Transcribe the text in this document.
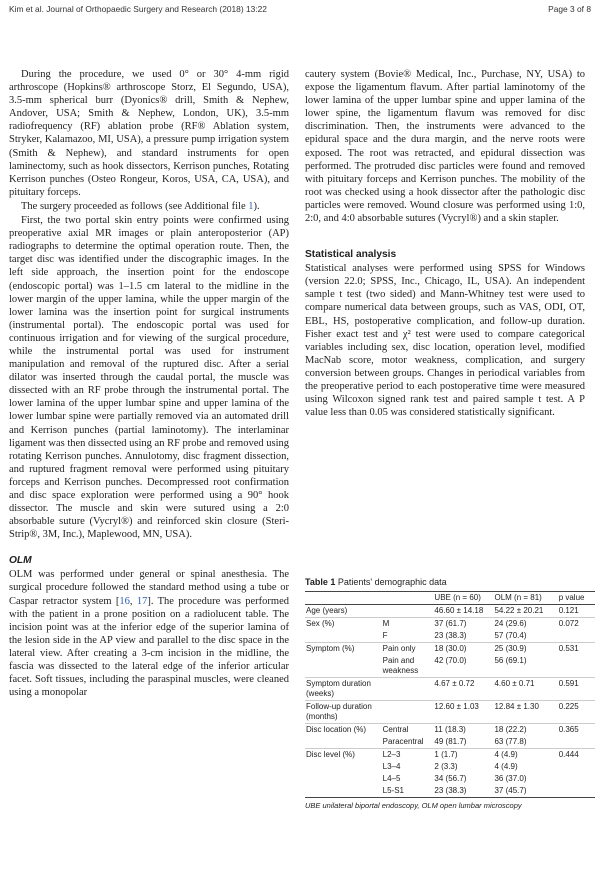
Kim et al. Journal of Orthopaedic Surgery and Research (2018) 13:22	Page 3 of 8

During the procedure, we used 0° or 30° 4-mm rigid arthroscope (Hopkins® arthroscope Storz, El Segundo, USA), 3.5-mm spherical burr (Dyonics® drill, Smith & Nephew, Andover, USA; Smith & Nephew, London, UK), 3.5-mm radiofrequency (RF) ablation probe (RF® Ablation system, Stryker, Kalamazoo, MI, USA), a pressure pump irrigation system (Smith & Nephew), and standard instruments for open laminectomy, such as hook dissectors, Kerrison punches, Rotating Kerrison punches (Osteo Rongeur, Koros, USA, CA, USA), and pituitary forceps.

The surgery proceeded as follows (see Additional file 1).

First, the two portal skin entry points were confirmed using preoperative axial MR images or plain anteroposterior (AP) radiographs to determine the optimal operation route. Then, the target disc was identified under the discographic images. In the left side approach, the insertion point for the endoscope (endoscopic portal) was 1–1.5 cm lateral to the midline in the lower margin of the upper lamina, while the upper margin of the lower lamina was the insertion point for surgical instruments (instrumental portal). The endoscopic portal was used for continuous irrigation and for viewing of the surgical procedure, while the instrumental portal was used for instrument manipulation and removal of the ruptured disc. After a serial dilator was inserted through the caudal portal, the muscle was dissected with an RF probe through the instrumental portal. The lower lamina of the upper lumbar spine and upper lamina of the lower lumbar spine were partially removed via an automated drill and Kerrison punches (partial laminotomy). The interlaminar ligament was then dissected using an RF probe and removed using rotating Kerrison punches. Annulotomy, disc fragment dissection, and ruptured fragment removal were performed using pituitary forceps and Kerrison punches. Decompressed root confirmation and disc space exploration were performed using a 90° hook dissector. The muscle and skin were sutured using a 2:0 absorbable suture (Vycryl®) and reinforced skin closure (Steri-Strip®, 3M, Inc.), Maplewood, MN, USA).

OLM

OLM was performed under general or spinal anesthesia. The surgical procedure followed the standard method using a tube or Caspar retractor system [16, 17]. The procedure was performed with the patient in a prone position on a radiolucent table. The incision point was at the inferior edge of the superior lamina of the lesion side in the AP view and parallel to the disc space in the lateral view. After creating a 3-cm incision in the midline, the fascia was dissected to the lateral edge of the inferior articular facet. Soft tissues, including the paraspinal muscles, were cleaned using a monopolar

cautery system (Bovie® Medical, Inc., Purchase, NY, USA) to expose the ligamentum flavum. After partial laminotomy of the lower lamina of the upper lumbar spine and upper lamina of the lower spine, the ligamentum flavum was removed for disc discrimination. Then, the instruments were advanced to the epidural space and the dura margin, and the nerve roots were exposed. The root was retracted, and epidural dissection was performed. The protruded disc particles were found and removed with pituitary forceps and Kerrison punches. The mobility of the root was checked using a hook dissector after the pathologic disc particles were removed. Wound closure was performed using 1:0, 2:0, and 4:0 absorbable sutures (Vycryl®) and a skin stapler.

Statistical analysis

Statistical analyses were performed using SPSS for Windows (version 22.0; SPSS, Inc., Chicago, IL, USA). An independent sample t test (two sided) and Mann-Whitney test were used to compare numerical data between groups, such as VAS, ODI, OT, EBL, HS, postoperative complication, and follow-up duration. Fisher exact test and χ² test were used to compare categorical variables including sex, disc location, operation level, modified MacNab score, motor weakness, complication, and surgery conversion between groups. Changes in periodical variables from the preoperative period to each postoperative time were measured using Wilcoxon signed rank test and paired sample t test. A P value less than 0.05 was considered statistically significant.

Table 1 Patients' demographic data
		UBE (n = 60)	OLM (n = 81)	p value
Age (years)		46.60 ± 14.18	54.22 ± 20.21	0.121
Sex (%)	M	37 (61.7)	24 (29.6)	0.072
	F	23 (38.3)	57 (70.4)	
Symptom (%)	Pain only	18 (30.0)	25 (30.9)	0.531
	Pain and weakness	42 (70.0)	56 (69.1)	
Symptom duration (weeks)		4.67 ± 0.72	4.60 ± 0.71	0.591
Follow-up duration (months)		12.60 ± 1.03	12.84 ± 1.30	0.225
Disc location (%)	Central	11 (18.3)	18 (22.2)	0.365
	Paracentral	49 (81.7)	63 (77.8)	
Disc level (%)	L2–3	1 (1.7)	4 (4.9)	0.444
	L3–4	2 (3.3)	4 (4.9)	
	L4–5	34 (56.7)	36 (37.0)	
	L5-S1	23 (38.3)	37 (45.7)	
UBE unilateral biportal endoscopy, OLM open lumbar microscopy
